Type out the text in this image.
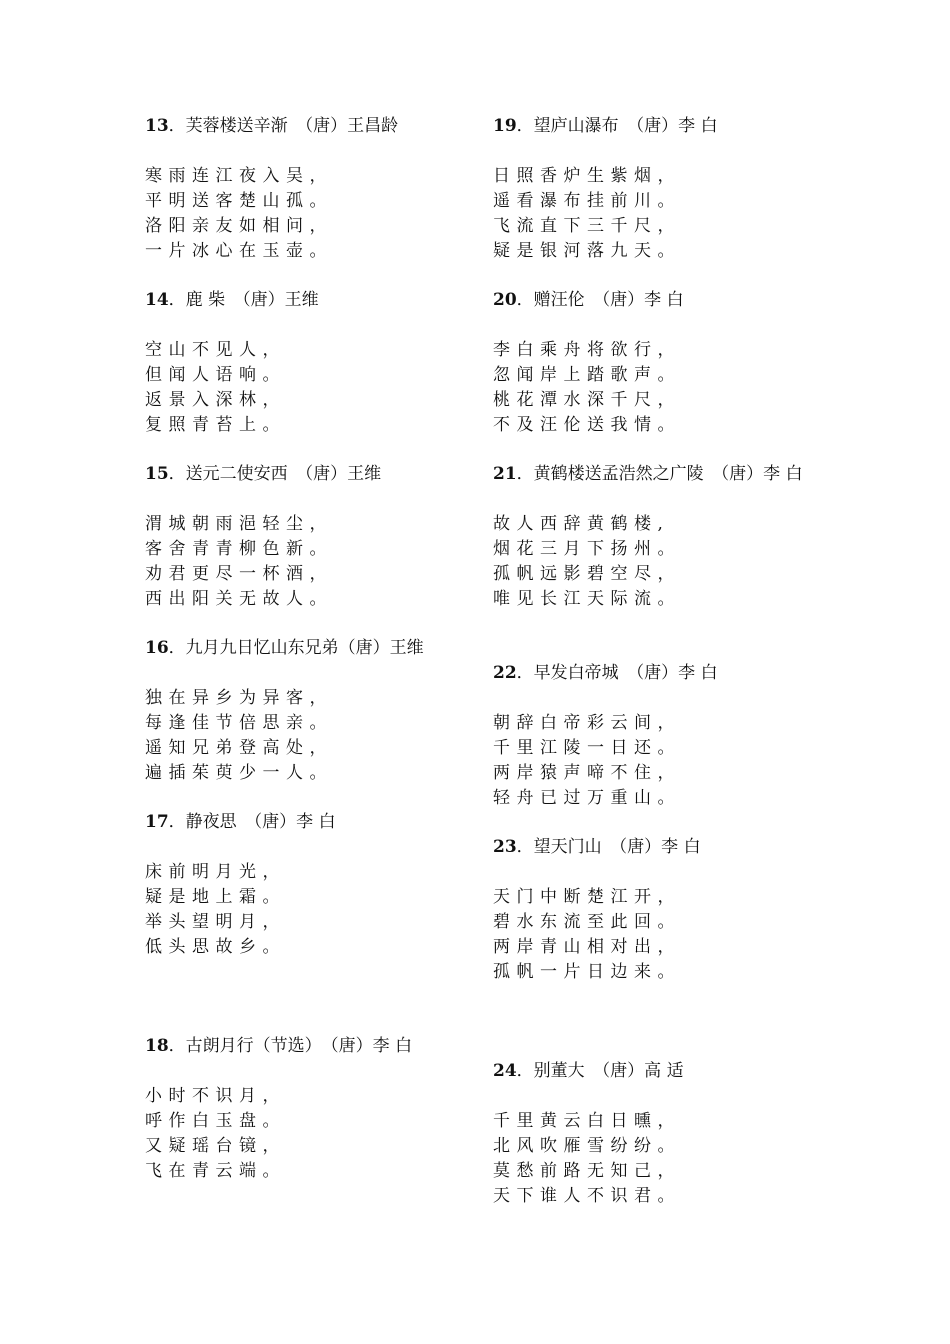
13．芙蓉楼送辛渐　（唐）王昌龄
寒雨连江夜入吴，
平明送客楚山孤。
洛阳亲友如相问，
一片冰心在玉壶。
14．鹿 柴　（唐）王维
空山不见人，
但闻人语响。
返景入深林，
复照青苔上。
15．送元二使安西　（唐）王维
渭城朝雨浥轻尘，
客舍青青柳色新。
劝君更尽一杯酒，
西出阳关无故人。
16．九月九日忆山东兄弟（唐）王维
独在异乡为异客，
每逢佳节倍思亲。
遥知兄弟登高处，
遍插茱萸少一人。
17．静夜思　（唐）李 白
床前明月光，
疑是地上霜。
举头望明月，
低头思故乡。
18．古朗月行（节选）　（唐）李 白
小时不识月，
呼作白玉盘。
又疑瑶台镜，
飞在青云端。
19．望庐山瀑布　（唐）李 白
日照香炉生紫烟，
遥看瀑布挂前川。
飞流直下三千尺，
疑是银河落九天。
20．赠汪伦　（唐）李 白
李白乘舟将欲行，
忽闻岸上踏歌声。
桃花潭水深千尺，
不及汪伦送我情。
21．黄鹤楼送孟浩然之广陵　（唐）李 白
故人西辞黄鹤楼,
烟花三月下扬州。
孤帆远影碧空尽，
唯见长江天际流。
22．早发白帝城　（唐）李 白
朝辞白帝彩云间，
千里江陵一日还。
两岸猿声啼不住，
轻舟已过万重山。
23．望天门山　（唐）李 白
天门中断楚江开，
碧水东流至此回。
两岸青山相对出，
孤帆一片日边来。
24．别董大　（唐）高 适
千里黄云白日曛，
北风吹雁雪纷纷。
莫愁前路无知己，
天下谁人不识君。
